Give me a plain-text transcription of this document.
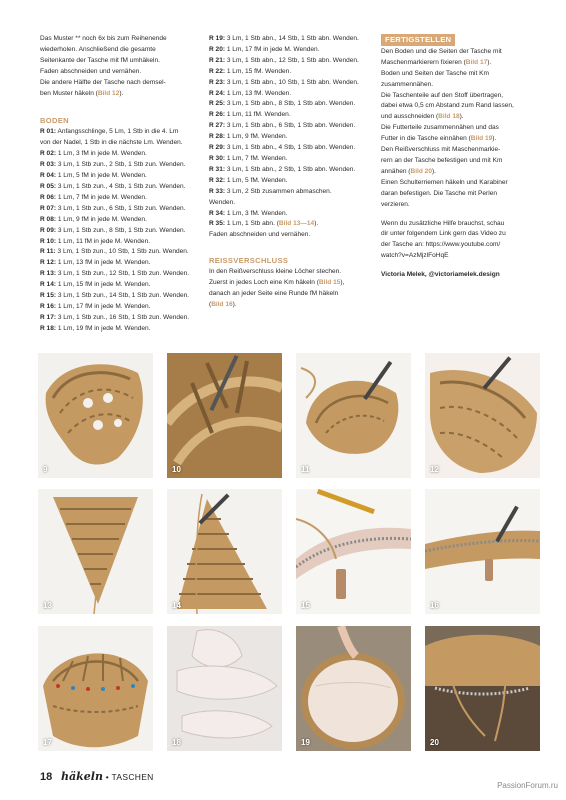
Das Muster ** noch 6x bis zum Reihenende

wiederholen. Anschließend die gesamte

Seitenkante der Tasche mit fM umhäkeln.

Faden abschneiden und vernähen.

Die andere Hälfte der Tasche nach demsel-

ben Muster häkeln (Bild 12).

BODEN

R 01: Anfangsschlinge, 5 Lm, 1 Stb in die 4. Lm

von der Nadel, 1 Stb in die nächste Lm. Wenden.

R 02: 1 Lm, 3 fM in jede M. Wenden.

R 03: 3 Lm, 1 Stb zun., 2 Stb, 1 Stb zun. Wenden.

R 04: 1 Lm, 5 fM in jede M. Wenden.

R 05: 3 Lm, 1 Stb zun., 4 Stb, 1 Stb zun. Wenden.

R 06: 1 Lm, 7 fM in jede M. Wenden.

R 07: 3 Lm, 1 Stb zun., 6 Stb, 1 Stb zun. Wenden.

R 08: 1 Lm, 9 fM in jede M. Wenden.

R 09: 3 Lm, 1 Stb zun., 8 Stb, 1 Stb zun. Wenden.

R 10: 1 Lm, 11 fM in jede M. Wenden.

R 11: 3 Lm, 1 Stb zun., 10 Stb, 1 Stb zun. Wenden.

R 12: 1 Lm, 13 fM in jede M. Wenden.

R 13: 3 Lm, 1 Stb zun., 12 Stb, 1 Stb zun. Wenden.

R 14: 1 Lm, 15 fM in jede M. Wenden.

R 15: 3 Lm, 1 Stb zun., 14 Stb, 1 Stb zun. Wenden.

R 16: 1 Lm, 17 fM in jede M. Wenden.

R 17: 3 Lm, 1 Stb zun., 16 Stb, 1 Stb zun. Wenden.

R 18: 1 Lm, 19 fM in jede M. Wenden.

R 19: 3 Lm, 1 Stb abn., 14 Stb, 1 Stb abn. Wenden.

R 20: 1 Lm, 17 fM in jede M. Wenden.

R 21: 3 Lm, 1 Stb abn., 12 Stb, 1 Stb abn. Wenden.

R 22: 1 Lm, 15 fM. Wenden.

R 23: 3 Lm, 1 Stb abn., 10 Stb, 1 Stb abn. Wenden.

R 24: 1 Lm, 13 fM. Wenden.

R 25: 3 Lm, 1 Stb abn., 8 Stb, 1 Stb abn. Wenden.

R 26: 1 Lm, 11 fM. Wenden.

R 27: 3 Lm, 1 Stb abn., 6 Stb, 1 Stb abn. Wenden.

R 28: 1 Lm, 9 fM. Wenden.

R 29: 3 Lm, 1 Stb abn., 4 Stb, 1 Stb abn. Wenden.

R 30: 1 Lm, 7 fM. Wenden.

R 31: 3 Lm, 1 Stb abn., 2 Stb, 1 Stb abn. Wenden.

R 32: 1 Lm, 5 fM. Wenden.

R 33: 3 Lm, 2 Stb zusammen abmaschen.

Wenden.

R 34: 1 Lm, 3 fM. Wenden.

R 35: 1 Lm, 1 Stb abn. (Bild 13—14).

Faden abschneiden und vernähen.

REISSVERSCHLUSS

In den Reißverschluss kleine Löcher stechen.

Zuerst in jedes Loch eine Km häkeln (Bild 15),

danach an jeder Seite eine Runde fM häkeln

(Bild 16).

FERTIGSTELLEN

Den Boden und die Seiten der Tasche mit

Maschenmarkierern fixieren (Bild 17).

Boden und Seiten der Tasche mit Km

zusammennähen.

Die Taschenteile auf den Stoff übertragen,

dabei etwa 0,5 cm Abstand zum Rand lassen,

und ausschneiden (Bild 18).

Die Futterteile zusammennähen und das

Futter in die Tasche einnähen (Bild 19).

Den Reißverschluss mit Maschenmarkie-

rern an der Tasche befestigen und mit Km

annähen (Bild 20).

Einen Schulterriemen häkeln und Karabiner

daran befestigen. Die Tasche mit Perlen

verzieren.

Wenn du zusätzliche Hilfe brauchst, schau

dir unter folgendem Link gern das Video zu

der Tasche an: https://www.youtube.com/

watch?v=AzMjzlFoHqE

Victoria Melek, @victoriamelek.design

9	10	11	12
13	14	15	16
17	18	19	20
18 häkeln • TASCHEN
PassionForum.ru
